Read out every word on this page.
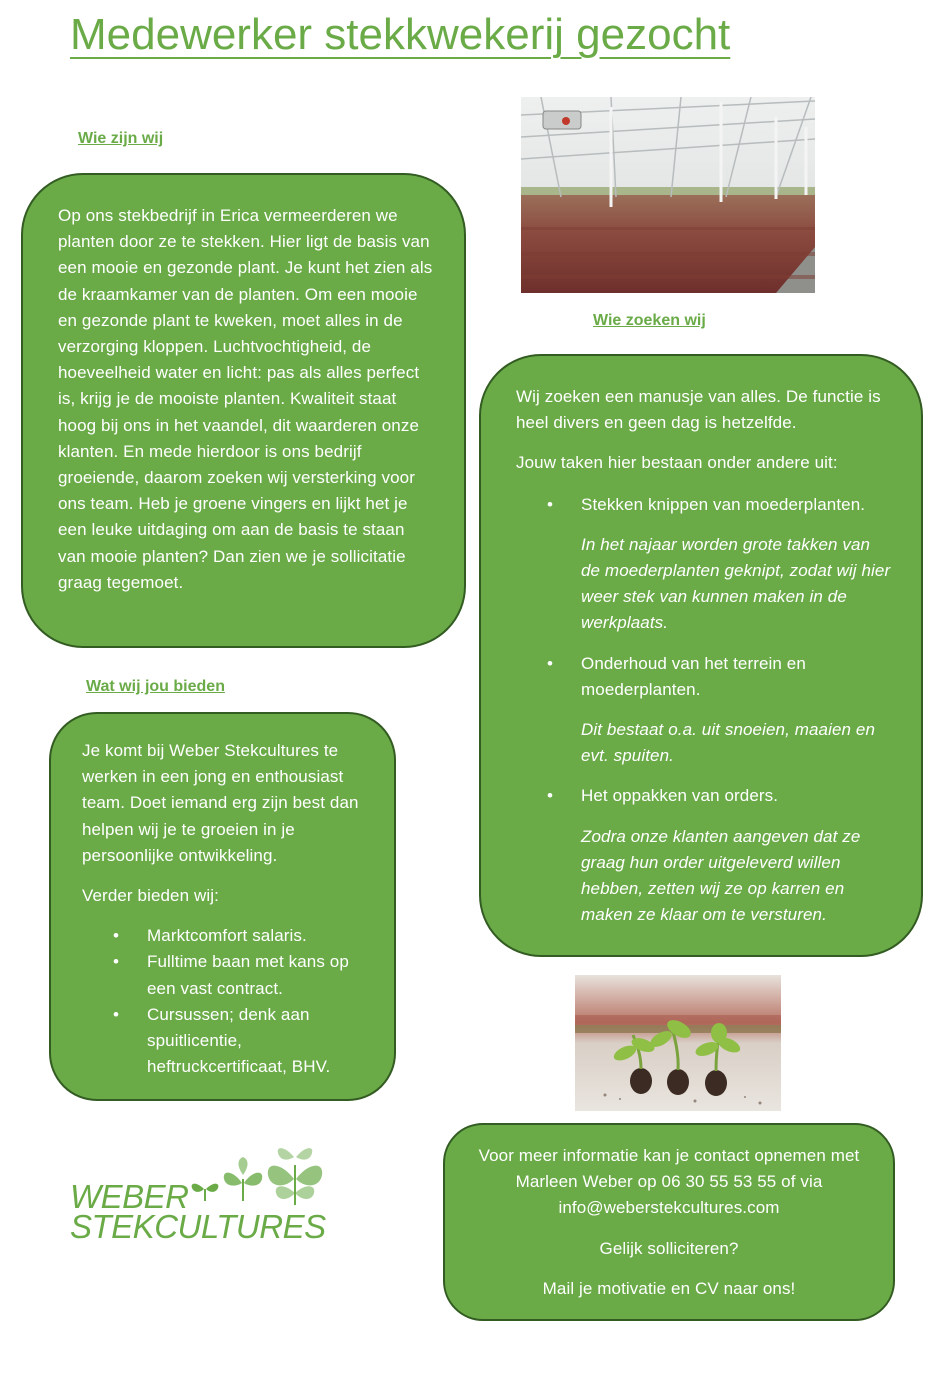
Medewerker stekkwekerij gezocht
Wie zijn wij

Op ons stekbedrijf in Erica vermeerderen we planten door ze te stekken. Hier ligt de basis van een mooie en gezonde plant. Je kunt het zien als de kraamkamer van de planten. Om een mooie en gezonde plant te kweken, moet alles in de verzorging kloppen. Luchtvochtigheid, de hoeveelheid water en licht: pas als alles perfect is, krijg je de mooiste planten. Kwaliteit staat hoog bij ons in het vaandel, dit waarderen onze klanten. En mede hierdoor is ons bedrijf groeiende, daarom zoeken wij versterking voor ons team. Heb je groene vingers en lijkt het je een leuke uitdaging om aan de basis te staan van mooie planten? Dan zien we je sollicitatie graag tegemoet.

Wie zoeken wij

Wij zoeken een manusje van alles. De functie is heel divers en geen dag is hetzelfde.

Jouw taken hier bestaan onder andere uit:

• Stekken knippen van moederplanten.

In het najaar worden grote takken van de moederplanten geknipt, zodat wij hier weer stek van kunnen maken in de werkplaats.

• Onderhoud van het terrein en moederplanten.

Dit bestaat o.a. uit snoeien, maaien en evt. spuiten.

• Het oppakken van orders.

Zodra onze klanten aangeven dat ze graag hun order uitgeleverd willen hebben, zetten wij ze op karren en maken ze klaar om te versturen.

Wat wij jou bieden

Je komt bij Weber Stekcultures te werken in een jong en enthousiast team. Doet iemand erg zijn best dan helpen wij je te groeien in je persoonlijke ontwikkeling.

Verder bieden wij:

• Marktcomfort salaris.
• Fulltime baan met kans op een vast contract.
• Cursussen; denk aan spuitlicentie, heftruckcertificaat, BHV.

Voor meer informatie kan je contact opnemen met Marleen Weber op 06 30 55 53 55 of via info@weberstekcultures.com

Gelijk solliciteren?

Mail je motivatie en CV naar ons!

WEBER
STEKCULTURES
